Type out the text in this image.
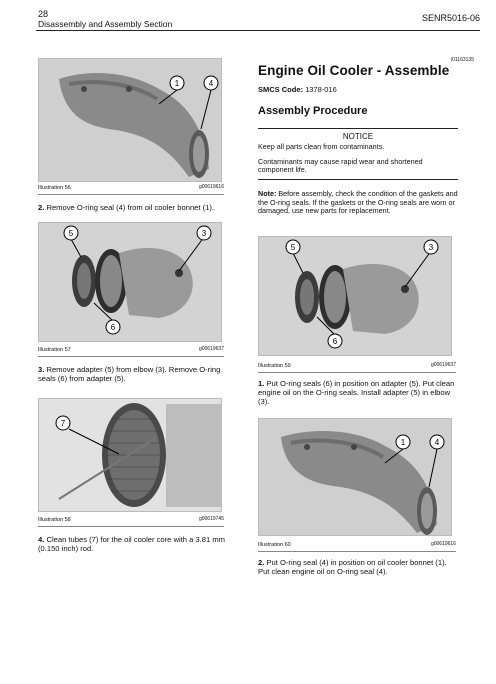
28
Disassembly and Assembly Section
SENR5016-06
1	4
Illustration 56	g00619616
2. Remove O-ring seal (4) from oil cooler bonnet (1).
5	3
6
Illustration 57	g00619637
3. Remove adapter (5) from elbow (3). Remove O-ring seals (6) from adapter (5).
7
Illustration 58	g00619745
4. Clean tubes (7) for the oil cooler core with a 3.81 mm (0.150 inch) rod.
i01163135
Engine Oil Cooler - Assemble
SMCS Code: 1378-016
Assembly Procedure
NOTICE
Keep all parts clean from contaminants.
Contaminants may cause rapid wear and shortened component life.
Note: Before assembly, check the condition of the gaskets and the O-ring seals. If the gaskets or the O-ring seals are worn or damaged, use new parts for replacement.
5	3
6
Illustration 59	g00619637
1. Put O-ring seals (6) in position on adapter (5). Put clean engine oil on the O-ring seals. Install adapter (5) in elbow (3).
1	4
Illustration 60	g00619616
2. Put O-ring seal (4) in position on oil cooler bonnet (1). Put clean engine oil on O-ring seal (4).
